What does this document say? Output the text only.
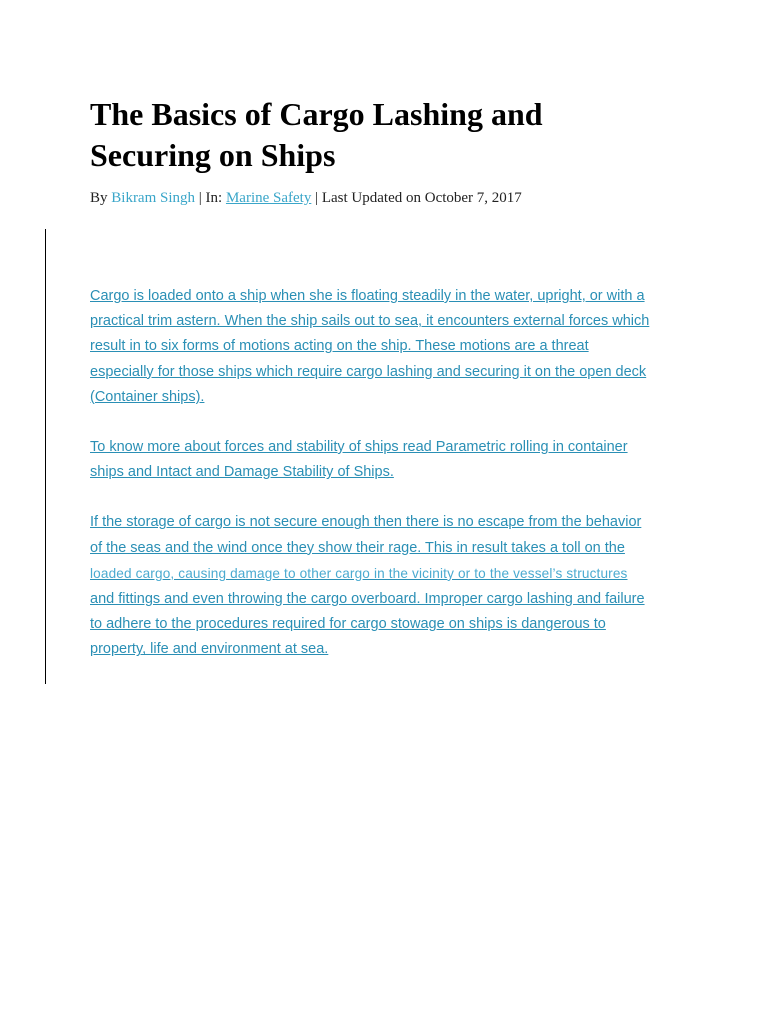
The Basics of Cargo Lashing and
Securing on Ships
By Bikram Singh | In: Marine Safety | Last Updated on October 7, 2017

Cargo is loaded onto a ship when she is floating steadily in the water, upright, or with a
practical trim astern. When the ship sails out to sea, it encounters external forces which
result in to six forms of motions acting on the ship. These motions are a threat
especially for those ships which require cargo lashing and securing it on the open deck
(Container ships).

To know more about forces and stability of ships read Parametric rolling in container
ships and Intact and Damage Stability of Ships.

If the storage of cargo is not secure enough then there is no escape from the behavior
of the seas and the wind once they show their rage. This in result takes a toll on the
loaded cargo, causing damage to other cargo in the vicinity or to the vessel’s structures
and fittings and even throwing the cargo overboard. Improper cargo lashing and failure
to adhere to the procedures required for cargo stowage on ships is dangerous to
property, life and environment at sea.
